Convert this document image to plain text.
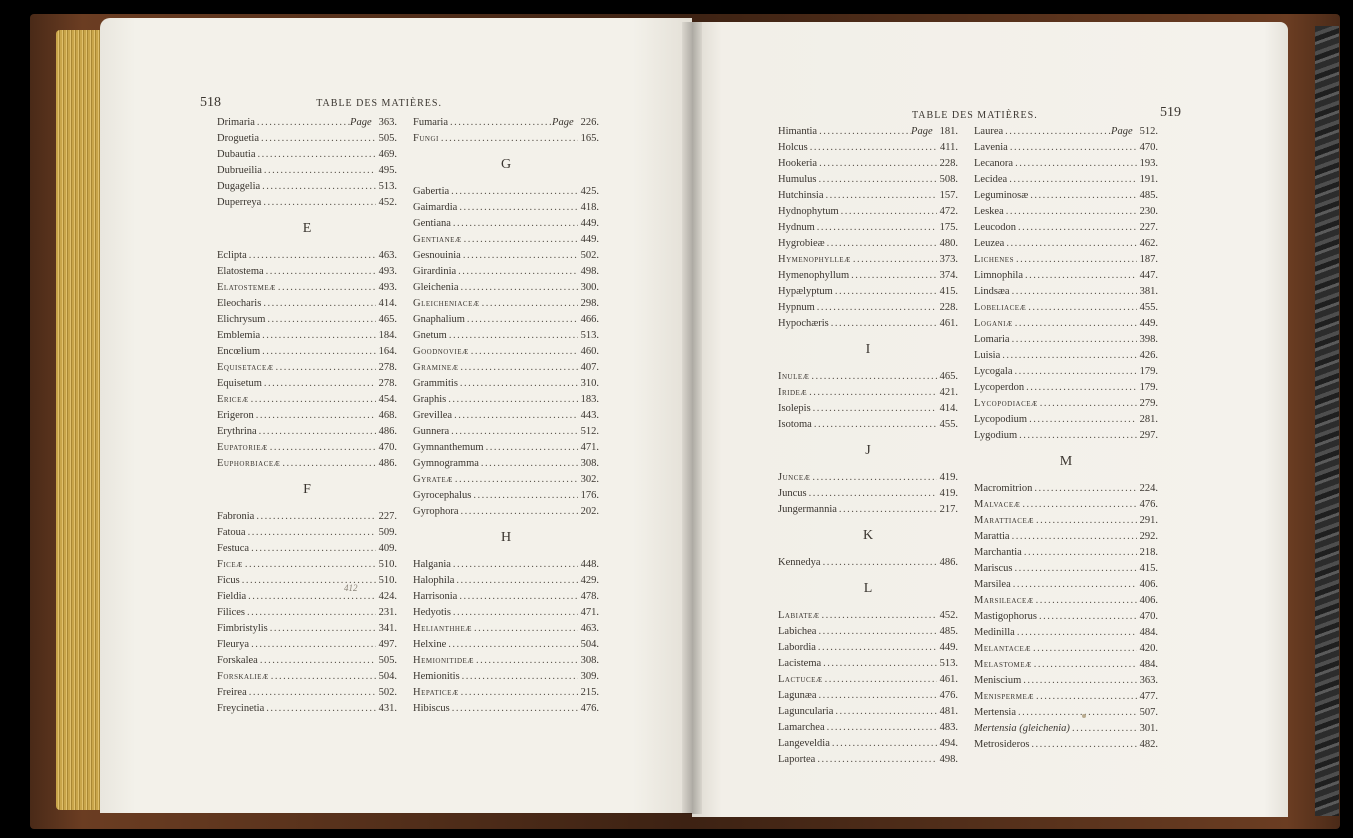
518	TABLE DES MATIÈRES.
Drimaria .....	Page 363.
Droguetia .....	505.
Dubautia .....	469.
Dubrueilia .....	495.
Dugagelia .....	513.
Duperreya .....	452.
E
Eclipta .....	463.
Elatostema .....	493.
Elatostemeæ .....	493.
Eleocharis .....	414.
Elichrysum .....	465.
Emblemia .....	184.
Encœlium .....	164.
Equisetaceæ .....	278.
Equisetum .....	278.
Ericeæ .....	454.
Erigeron .....	468.
Erythrina .....	486.
Eupatorieæ .....	470.
Euphorbiaceæ .....	486.
F
Fabronia .....	227.
Fatoua .....	509.
Festuca .....	409.
Ficeæ .....	510.
Ficus .....	510.
Fieldia .....	424.
Filices .....	231.
Fimbristylis .....	341.
Fleurya .....	497.
Forskalea .....	505.
Forskalieæ .....	504.
Freirea .....	502.
Freycinetia .....	431.
Fumaria .....	Page 226.
Fungi .....	165.
G
Gabertia .....	425.
Gaimardia .....	418.
Gentiana .....	449.
Gentianeæ .....	449.
Gesnouinia .....	502.
Girardinia .....	498.
Gleichenia .....	300.
Gleicheniaceæ .....	298.
Gnaphalium .....	466.
Gnetum .....	513.
Goodnovieæ .....	460.
Gramineæ .....	407.
Grammitis .....	310.
Graphis .....	183.
Grevillea .....	443.
Gunnera .....	512.
Gymnanthemum .....	471.
Gymnogramma .....	308.
Gyrateæ .....	302.
Gyrocephalus .....	176.
Gyrophora .....	202.
H
Halgania .....	448.
Halophila .....	429.
Harrisonia .....	478.
Hedyotis .....	471.
Helianthheæ .....	463.
Helxine .....	504.
Hemionitideæ .....	308.
Hemionitis .....	309.
Hepaticeæ .....	215.
Hibiscus .....	476.
412
TABLE DES MATIÈRES.	519
Himantia .....	Page 181.
Holcus .....	411.
Hookeria .....	228.
Humulus .....	508.
Hutchinsia .....	157.
Hydnophytum .....	472.
Hydnum .....	175.
Hygrobieæ .....	480.
Hymenophylleæ .....	373.
Hymenophyllum .....	374.
Hypælyptum .....	415.
Hypnum .....	228.
Hypochæris .....	461.
I
Inuleæ .....	465.
Irideæ .....	421.
Isolepis .....	414.
Isotoma .....	455.
J
Junceæ .....	419.
Juncus .....	419.
Jungermannia .....	217.
K
Kennedya .....	486.
L
Labiateæ .....	452.
Labichea .....	485.
Labordia .....	449.
Lacistema .....	513.
Lactuceæ .....	461.
Lagunæa .....	476.
Laguncularia .....	481.
Lamarchea .....	483.
Langeveldia .....	494.
Laportea .....	498.
Laurea .....	Page 512.
Lavenia .....	470.
Lecanora .....	193.
Lecidea .....	191.
Leguminosæ .....	485.
Leskea .....	230.
Leucodon .....	227.
Leuzea .....	462.
Lichenes .....	187.
Limnophila .....	447.
Lindsæa .....	381.
Lobeliaceæ .....	455.
Loganiæ .....	449.
Lomaria .....	398.
Luisia .....	426.
Lycogala .....	179.
Lycoperdon .....	179.
Lycopodiaceæ .....	279.
Lycopodium .....	281.
Lygodium .....	297.
M
Macromitrion .....	224.
Malvaceæ .....	476.
Marattiaceæ .....	291.
Marattia .....	292.
Marchantia .....	218.
Mariscus .....	415.
Marsilea .....	406.
Marsileaceæ .....	406.
Mastigophorus .....	470.
Medinilla .....	484.
Melantaceæ .....	420.
Melastomeæ .....	484.
Meniscium .....	363.
Menispermeæ .....	477.
Mertensia .....	507.
Mertensia (gleichenia) .....	301.
Metrosideros .....	482.
